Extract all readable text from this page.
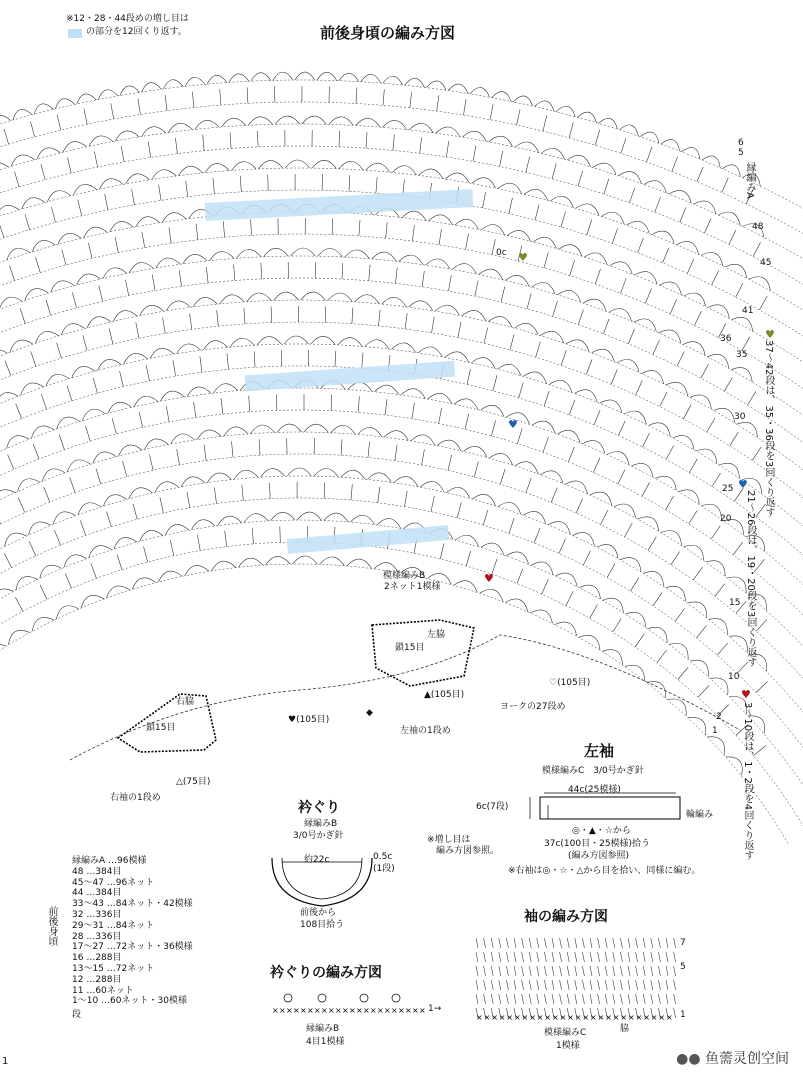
× × × × × × × × × × × × × × × × × × × × × ×
× × × × × × × × × × × × × × × × × × × × × × × × × ×
※12・28・44段めの増し目は
の部分を12回くり返す。	前後身頃の編み方図
6
5
縁編みA
48
0c ♥	45
41
♥
37〜42段は、35・36段を3回くり返す
36
35
30
♥
♥
25
21〜26段は、19・20段を3回くり返す
20
15
♥
10
♥
3〜10段は、1・2段を4回くり返す
2
1
模様編みB
2ネット1模様
左脇
鎖15目
右脇
鎖15目
♥(105目)
▲(105目)
♡(105目)
ヨークの27段め
左袖の1段め
◆
△(75目)
右袖の1段め
左袖
模様編みC　3/0号かぎ針
44c(25模様)
6c(7段)
輪編み
◎・▲・☆から
37c(100目・25模様)拾う
(編み方図参照)
※増し目は
編み方図参照。
※右袖は◎・☆・△から目を拾い、同様に編む。
衿ぐり
縁編みB
3/0号かぎ針
約22c	0.5c
(1段)
前後から
108目拾う
衿ぐりの編み方図
1→
縁編みB
4目1模様
袖の編み方図
7
5
1
脇
模様編みC
1模様
前後身頃
縁編みA …96模様
48 …384目
45〜47 …96ネット
44 …384目
33〜43 …84ネット・42模様
32 …336目
29〜31 …84ネット
28 …336目
17〜27 …72ネット・36模様
16 …288目
13〜15 …72ネット
12 …288目
11 …60ネット
1〜10 …60ネット・30模様
段
1	●● 鱼薷灵创空间
